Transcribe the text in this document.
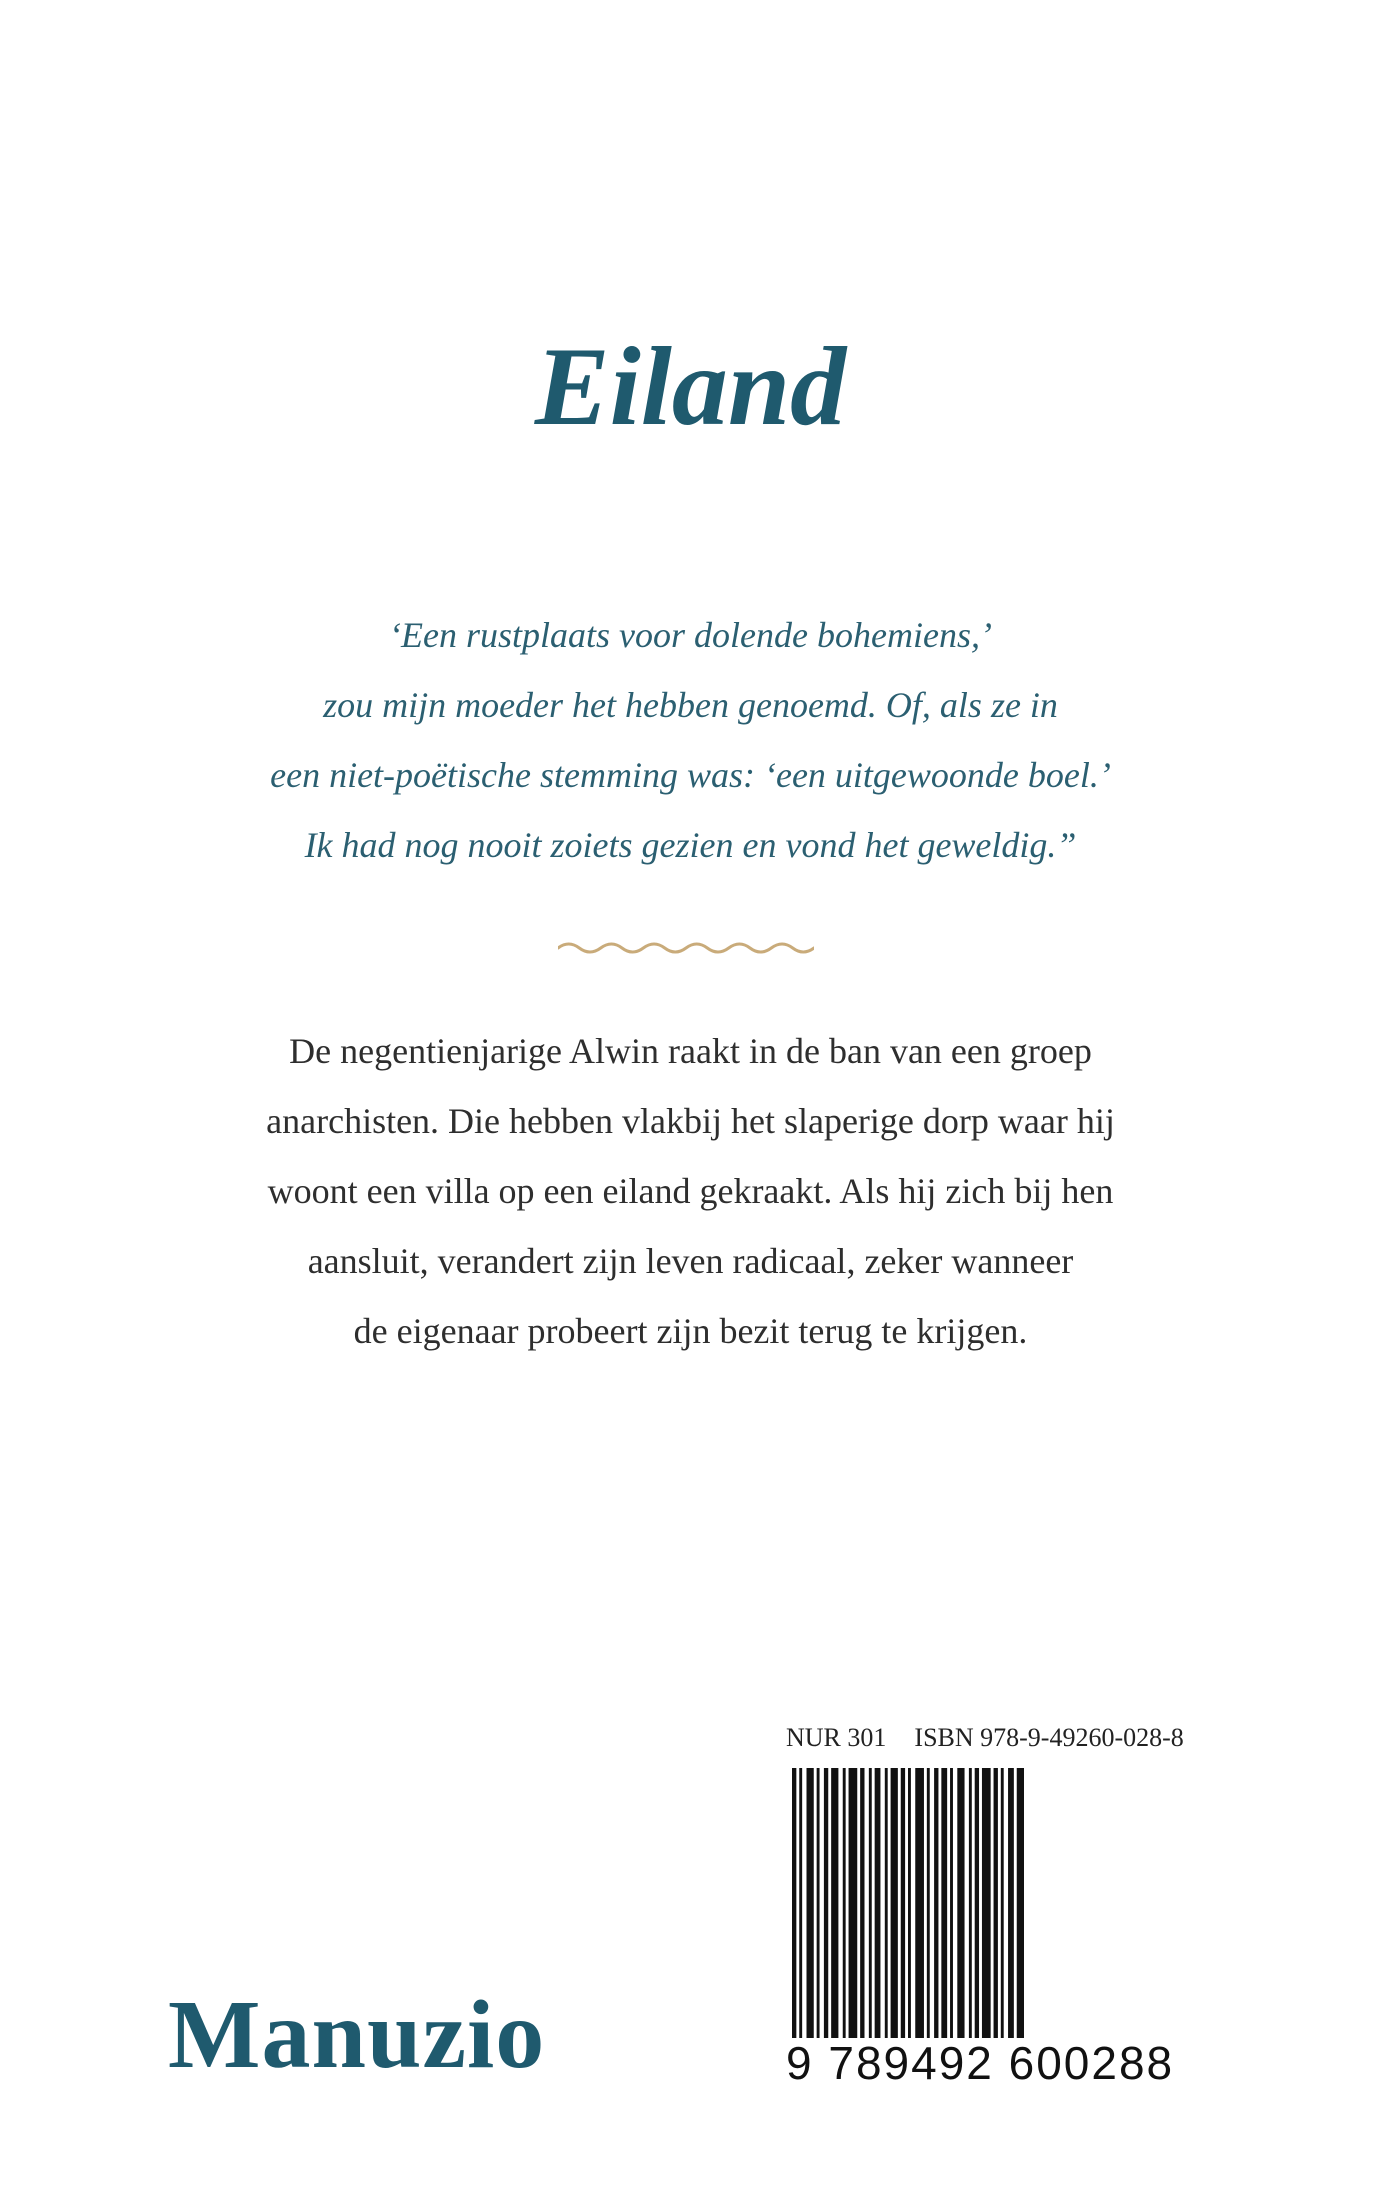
Eiland
‘Een rustplaats voor dolende bohemiens,’
zou mijn moeder het hebben genoemd. Of, als ze in
een niet-poëtische stemming was: ‘een uitgewoonde boel.’
Ik had nog nooit zoiets gezien en vond het geweldig.”
De negentienjarige Alwin raakt in de ban van een groep
anarchisten. Die hebben vlakbij het slaperige dorp waar hij
woont een villa op een eiland gekraakt. Als hij zich bij hen
aansluit, verandert zijn leven radicaal, zeker wanneer
de eigenaar probeert zijn bezit terug te krijgen.
NUR 301 ISBN 978-9-49260-028-8
9 789492 600288
Manuzio
